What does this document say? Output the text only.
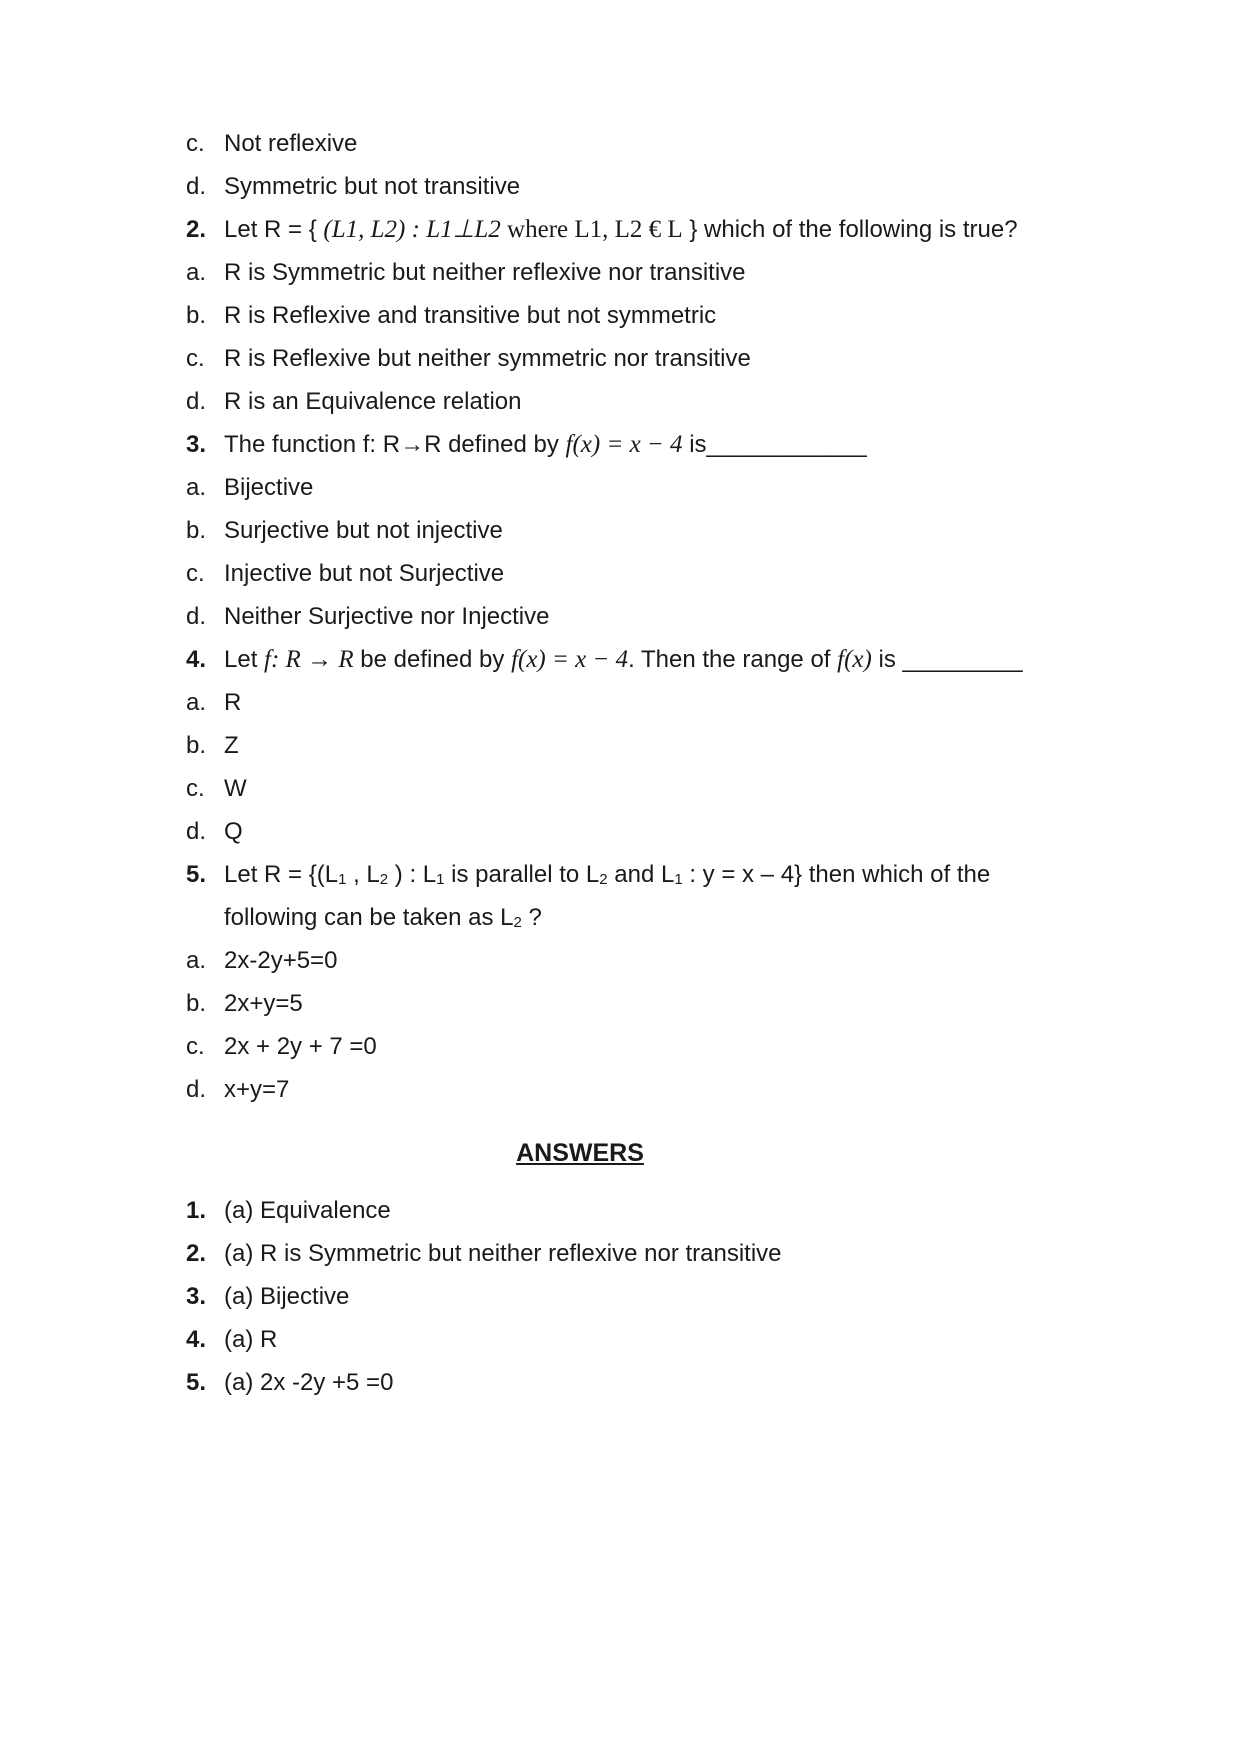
c. Not reflexive
d. Symmetric but not transitive
2. Let R = { (L1, L2) : L1⊥L2 where L1, L2 € L } which of the following is true?
a. R is Symmetric but neither reflexive nor transitive
b. R is Reflexive and transitive but not symmetric
c. R is Reflexive but neither symmetric nor transitive
d. R is an Equivalence relation
3. The function f: R→R defined by f(x) = x − 4 is____________
a. Bijective
b. Surjective but not injective
c. Injective but not Surjective
d. Neither Surjective nor Injective
4. Let f: R → R be defined by f(x) = x − 4. Then the range of f(x) is _________
a. R
b. Z
c. W
d. Q
5. Let $R = \{(L_1$ , $L_2$ ) : $L_1$ is parallel to $L_2$ and $L_1$ : y = x – 4} then which of the
following can be taken as $L_2$ ?
a. 2x-2y+5=0
b. 2x+y=5
c. 2x + 2y + 7 =0
d. x+y=7
ANSWERS
1. (a) Equivalence
2. (a) R is Symmetric but neither reflexive nor transitive
3. (a) Bijective
4. (a) R
5. (a) 2x -2y +5 =0
